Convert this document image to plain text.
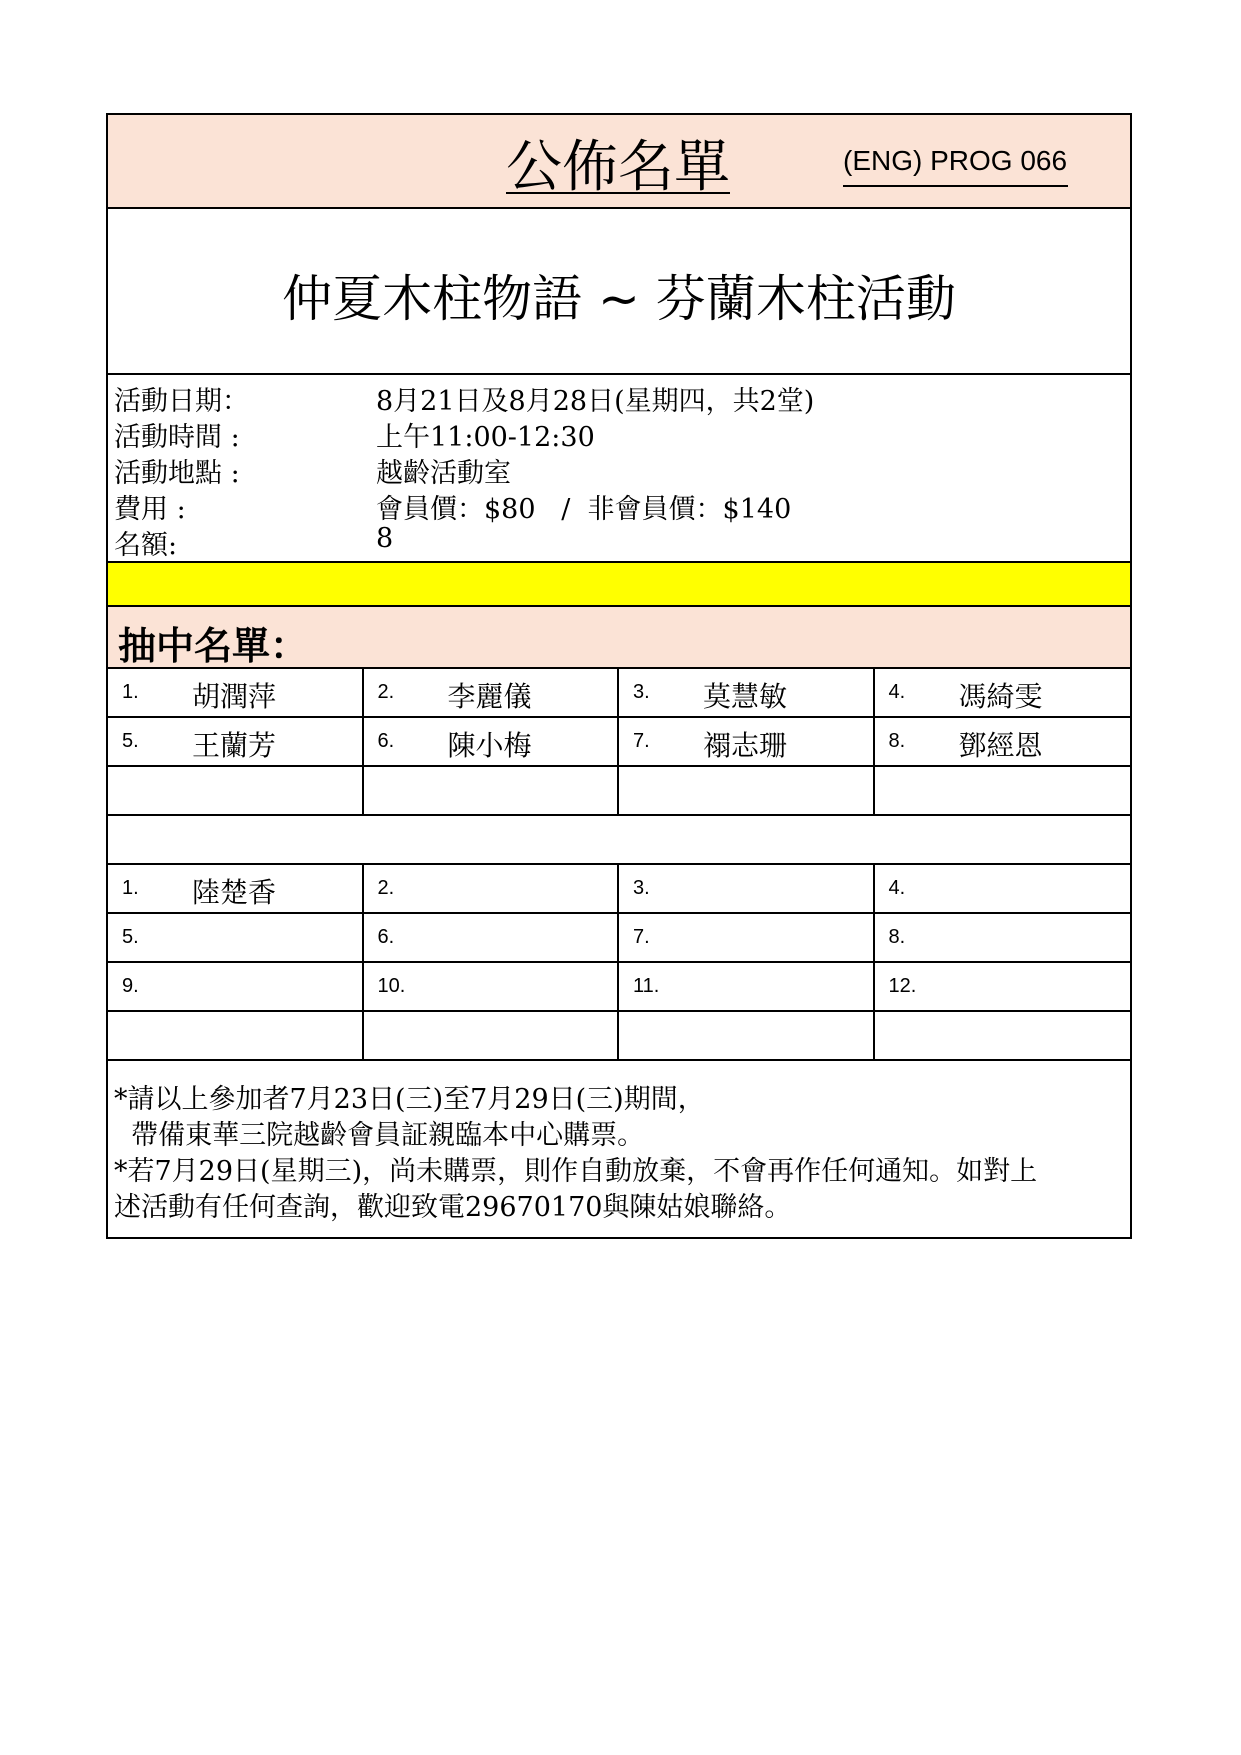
公佈名單	(ENG) PROG 066
仲夏木柱物語 ~ 芬蘭木柱活動
活動日期：	8月21日及8月28日(星期四，共2堂)
活動時間 :	上午11:00-12:30
活動地點 :	越齡活動室
費用 :	會員價：$80   /  非會員價：$140
名額:	8
抽中名單：
1. 胡潤萍	2. 李麗儀	3. 莫慧敏	4. 馮綺雯
5. 王蘭芳	6. 陳小梅	7. 禤志珊	8. 鄧經恩
1. 陸楚香	2.	3.	4.
5.	6.	7.	8.
9.	10.	11.	12.
*請以上參加者7月23日(三)至7月29日(三)期間，
帶備東華三院越齡會員証親臨本中心購票。
*若7月29日(星期三)，尚未購票，則作自動放棄，不會再作任何通知。如對上
述活動有任何查詢，歡迎致電29670170與陳姑娘聯絡。
